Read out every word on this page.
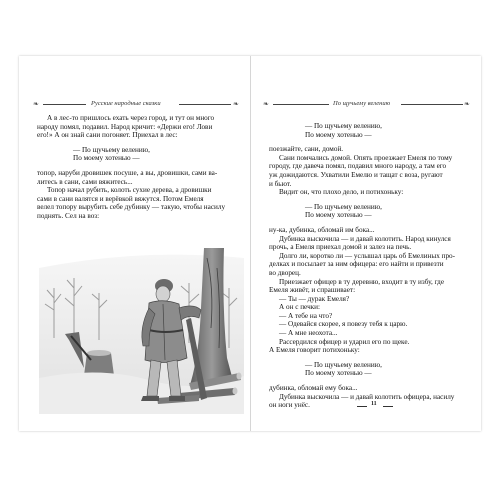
❧	Русские народные сказки	❧

А в лес-то пришлось ехать через город, и тут он много

народу помял, подавил. Народ кричит: «Держи его! Лови

его!» А он знай сани погоняет. Приехал в лес:

— По щучьему велению,

По моему хотенью —

топор, наруби дровишек посуше, а вы, дровишки, сами ва-

литесь в сани, сами вяжитесь...

Топор начал рубить, колоть сухие дерева, а дровишки

сами в сани валятся и верёвкой вяжутся. Потом Емеля

велел топору вырубить себе дубинку — такую, чтобы насилу

поднять. Сел на воз:

❧	По щучьему велению	❧

— По щучьему велению,

По моему хотенью —

поезжайте, сани, домой.

Сани помчались домой. Опять проезжает Емеля по тому

городу, где давеча помял, подавил много народу, а там его

уж дожидаются. Ухватили Емелю и тащат с воза, ругают

и бьют.

Видит он, что плохо дело, и потихоньку:

— По щучьему велению,

По моему хотенью —

ну-ка, дубинка, обломай им бока...

Дубинка выскочила — и давай колотить. Народ кинулся

прочь, а Емеля приехал домой и залез на печь.

Долго ли, коротко ли — услышал царь об Емелиных про-

делках и посылает за ним офицера: его найти и привезти

во дворец.

Приезжает офицер в ту деревню, входит в ту избу, где

Емеля живёт, и спрашивает:

— Ты — дурак Емеля?

А он с печки:

— А тебе на что?

— Одевайся скорее, я повезу тебя к царю.

— А мне неохота...

Рассердился офицер и ударил его по щеке.

А Емеля говорит потихоньку:

— По щучьему велению,

По моему хотенью —

дубинка, обломай ему бока...

Дубинка выскочила — и давай колотить офицера, насилу

он ноги унёс.	11
